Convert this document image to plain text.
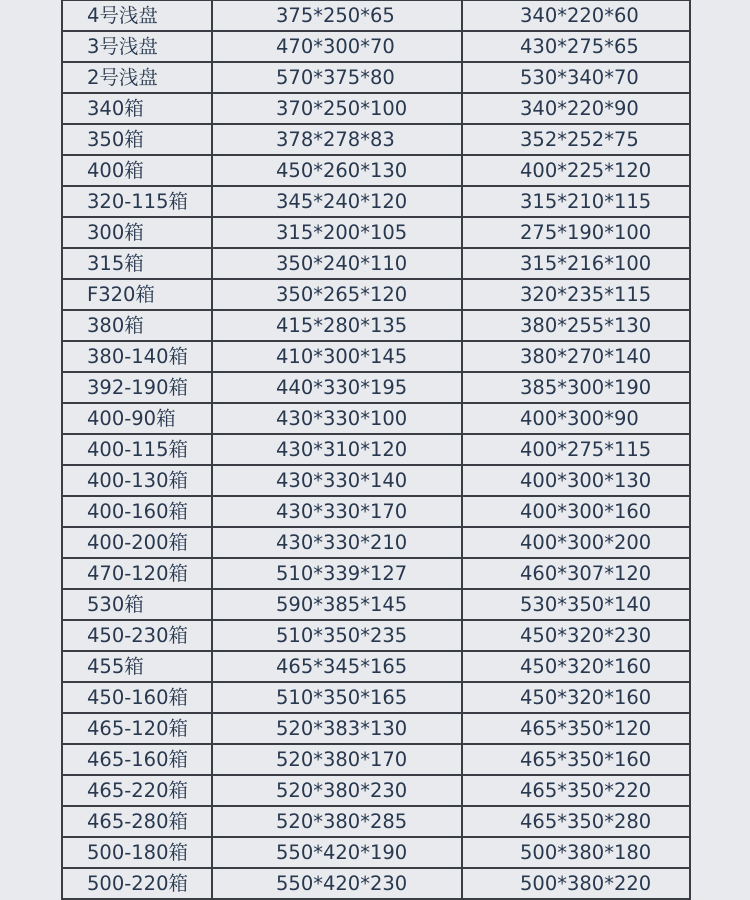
4号浅盘	375*250*65	340*220*60
3号浅盘	470*300*70	430*275*65
2号浅盘	570*375*80	530*340*70
340箱	370*250*100	340*220*90
350箱	378*278*83	352*252*75
400箱	450*260*130	400*225*120
320-115箱	345*240*120	315*210*115
300箱	315*200*105	275*190*100
315箱	350*240*110	315*216*100
F320箱	350*265*120	320*235*115
380箱	415*280*135	380*255*130
380-140箱	410*300*145	380*270*140
392-190箱	440*330*195	385*300*190
400-90箱	430*330*100	400*300*90
400-115箱	430*310*120	400*275*115
400-130箱	430*330*140	400*300*130
400-160箱	430*330*170	400*300*160
400-200箱	430*330*210	400*300*200
470-120箱	510*339*127	460*307*120
530箱	590*385*145	530*350*140
450-230箱	510*350*235	450*320*230
455箱	465*345*165	450*320*160
450-160箱	510*350*165	450*320*160
465-120箱	520*383*130	465*350*120
465-160箱	520*380*170	465*350*160
465-220箱	520*380*230	465*350*220
465-280箱	520*380*285	465*350*280
500-180箱	550*420*190	500*380*180
500-220箱	550*420*230	500*380*220
